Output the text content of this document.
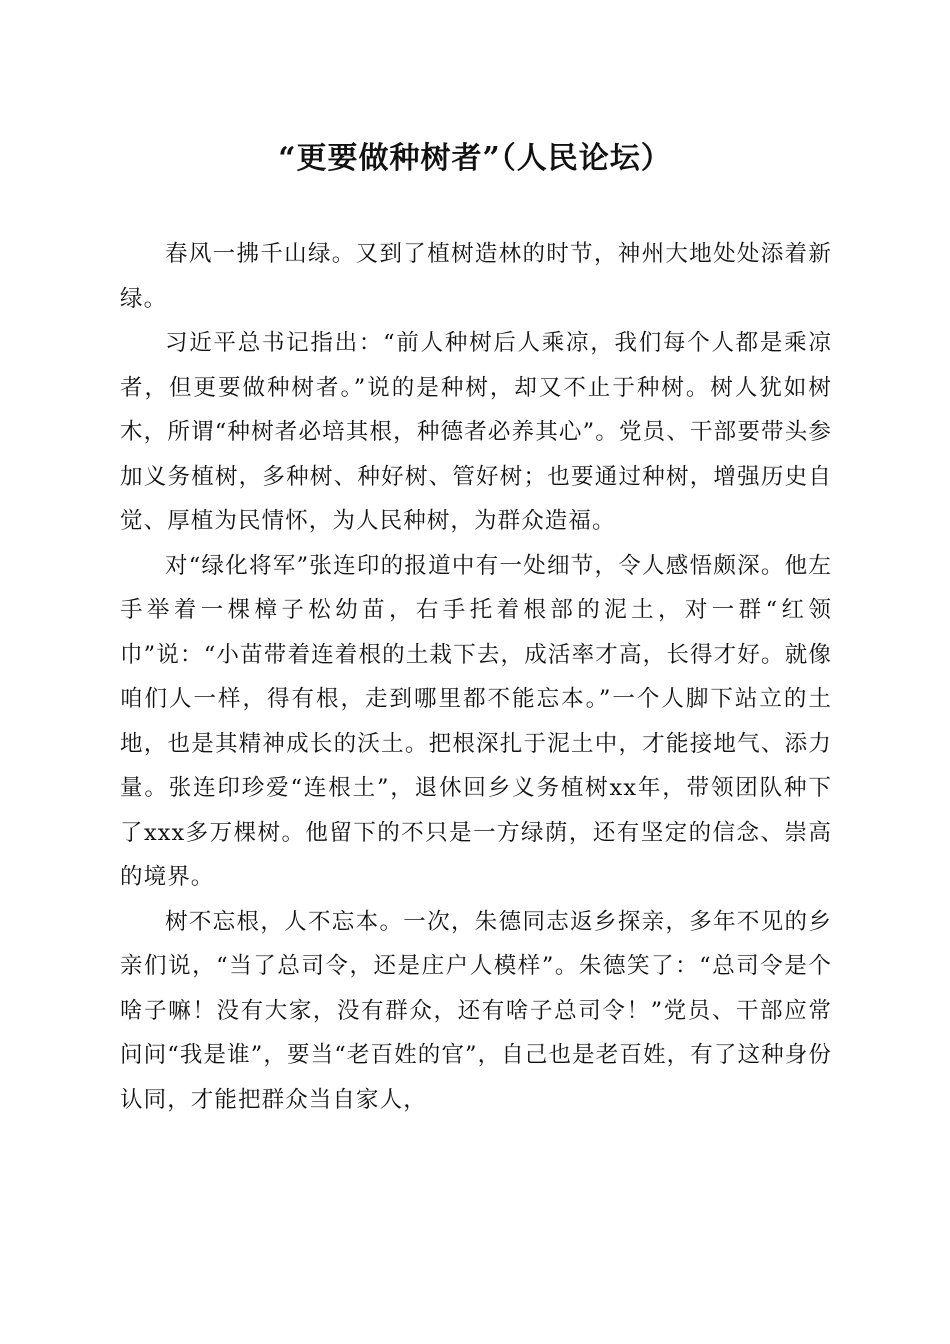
“更要做种树者”（人民论坛）

春风一拂千山绿。又到了植树造林的时节，神州大地处处添着新绿。

习近平总书记指出：“前人种树后人乘凉，我们每个人都是乘凉者，但更要做种树者。”说的是种树，却又不止于种树。树人犹如树木，所谓“种树者必培其根，种德者必养其心”。党员、干部要带头参加义务植树，多种树、种好树、管好树；也要通过种树，增强历史自觉、厚植为民情怀，为人民种树，为群众造福。

对“绿化将军”张连印的报道中有一处细节，令人感悟颇深。他左手举着一棵樟子松幼苗，右手托着根部的泥土，对一群“红领巾”说：“小苗带着连着根的土栽下去，成活率才高，长得才好。就像咱们人一样，得有根，走到哪里都不能忘本。”一个人脚下站立的土地，也是其精神成长的沃土。把根深扎于泥土中，才能接地气、添力量。张连印珍爱“连根土”，退休回乡义务植树xx年，带领团队种下了xxx多万棵树。他留下的不只是一方绿荫，还有坚定的信念、崇高的境界。

树不忘根，人不忘本。一次，朱德同志返乡探亲，多年不见的乡亲们说，“当了总司令，还是庄户人模样”。朱德笑了：“总司令是个啥子嘛！没有大家，没有群众，还有啥子总司令！”党员、干部应常问问“我是谁”，要当“老百姓的官”，自己也是老百姓，有了这种身份认同，才能把群众当自家人，
